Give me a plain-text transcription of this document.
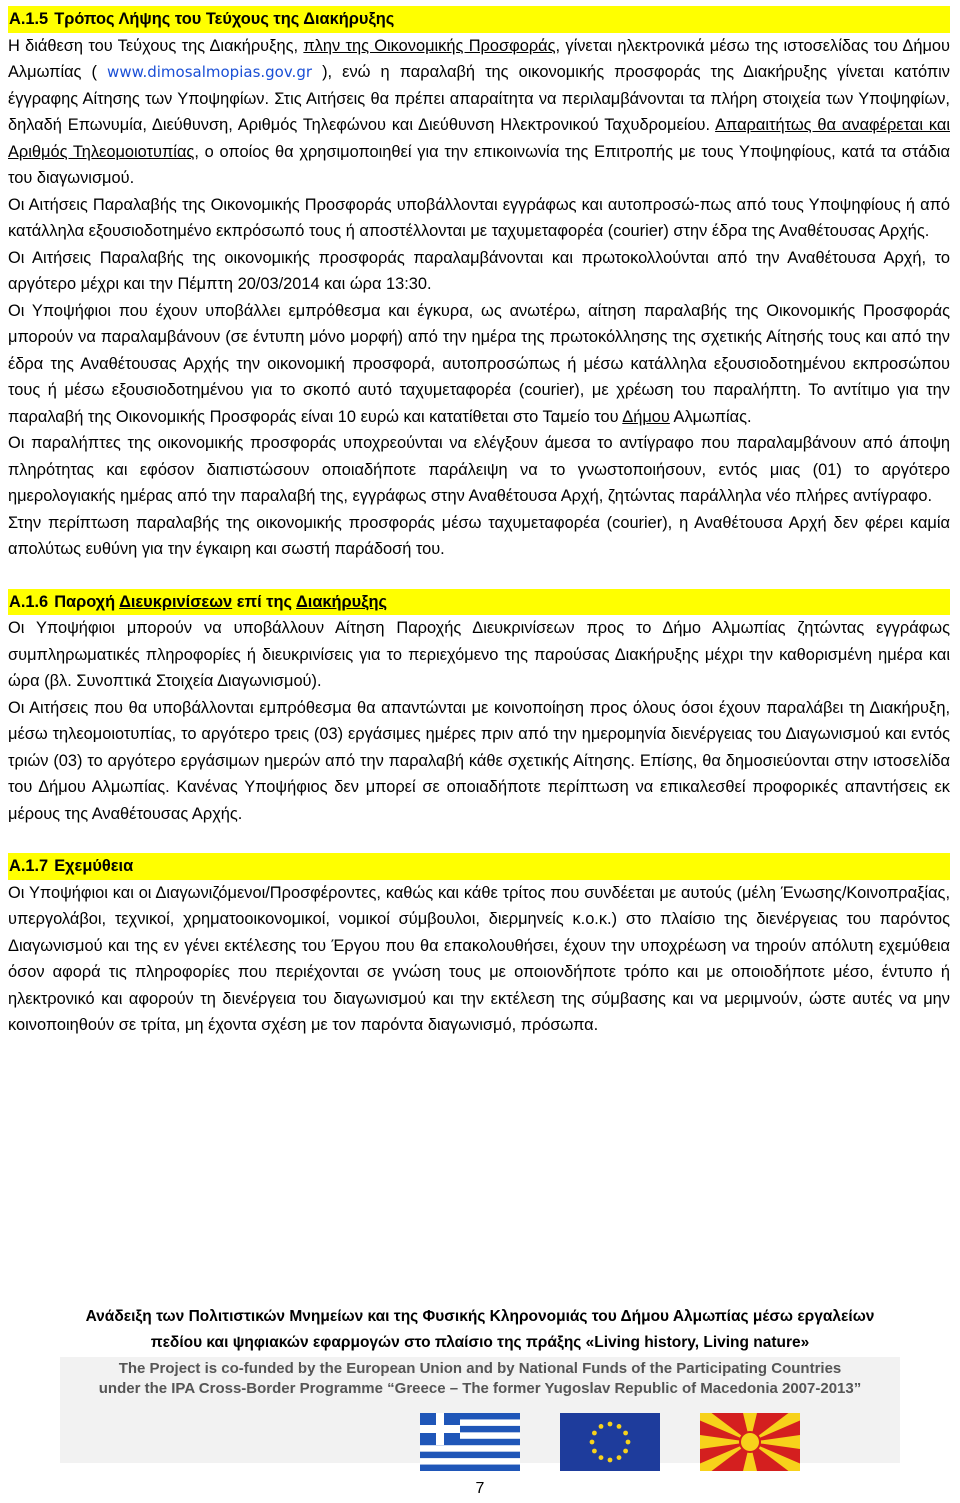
A.1.5 Τρόπος Λήψης του Τεύχους της Διακήρυξης

Η διάθεση του Τεύχους της Διακήρυξης, πλην της Οικονομικής Προσφοράς, γίνεται ηλεκτρονικά μέσω της ιστοσελίδας του Δήμου Αλμωπίας ( www.dimosalmopias.gov.gr ), ενώ η παραλαβή της οικονομικής προσφοράς της Διακήρυξης γίνεται κατόπιν έγγραφης Αίτησης των Υποψηφίων. Στις Αιτήσεις θα πρέπει απαραίτητα να περιλαμβάνονται τα πλήρη στοιχεία των Υποψηφίων, δηλαδή Επωνυμία, Διεύθυνση, Αριθμός Τηλεφώνου και Διεύθυνση Ηλεκτρονικού Ταχυδρομείου. Απαραιτήτως θα αναφέρεται και Αριθμός Τηλεομοιοτυπίας, ο οποίος θα χρησιμοποιηθεί για την επικοινωνία της Επιτροπής με τους Υποψηφίους, κατά τα στάδια του διαγωνισμού.

Οι Αιτήσεις Παραλαβής της Οικονομικής Προσφοράς υποβάλλονται εγγράφως και αυτοπροσώ-πως από τους Υποψηφίους ή από κατάλληλα εξουσιοδοτημένο εκπρόσωπό τους ή αποστέλλονται με ταχυμεταφορέα (courier) στην έδρα της Αναθέτουσας Αρχής.

Οι Αιτήσεις Παραλαβής της οικονομικής προσφοράς παραλαμβάνονται και πρωτοκολλούνται από την Αναθέτουσα Αρχή, το αργότερο μέχρι και την Πέμπτη 20/03/2014 και ώρα 13:30.

Οι Υποψήφιοι που έχουν υποβάλλει εμπρόθεσμα και έγκυρα, ως ανωτέρω, αίτηση παραλαβής της Οικονομικής Προσφοράς μπορούν να παραλαμβάνουν (σε έντυπη μόνο μορφή) από την ημέρα της πρωτοκόλλησης της σχετικής Αίτησής τους και από την έδρα της Αναθέτουσας Αρχής την οικονομική προσφορά, αυτοπροσώπως ή μέσω κατάλληλα εξουσιοδοτημένου εκπροσώπου τους ή μέσω εξουσιοδοτημένου για το σκοπό αυτό ταχυμεταφορέα (courier), με χρέωση του παραλήπτη. Το αντίτιμο για την παραλαβή της Οικονομικής Προσφοράς είναι 10 ευρώ και κατατίθεται στο Ταμείο του Δήμου Αλμωπίας.

Οι παραλήπτες της οικονομικής προσφοράς υποχρεούνται να ελέγξουν άμεσα το αντίγραφο που παραλαμβάνουν από άποψη πληρότητας και εφόσον διαπιστώσουν οποιαδήποτε παράλειψη να το γνωστοποιήσουν, εντός μιας (01) το αργότερο ημερολογιακής ημέρας από την παραλαβή της, εγγράφως στην Αναθέτουσα Αρχή, ζητώντας παράλληλα νέο πλήρες αντίγραφο.

Στην περίπτωση παραλαβής της οικονομικής προσφοράς μέσω ταχυμεταφορέα (courier), η Αναθέτουσα Αρχή δεν φέρει καμία απολύτως ευθύνη για την έγκαιρη και σωστή παράδοσή του.

A.1.6 Παροχή Διευκρινίσεων επί της Διακήρυξης

Οι Υποψήφιοι μπορούν να υποβάλλουν Αίτηση Παροχής Διευκρινίσεων προς το Δήμο Αλμωπίας ζητώντας εγγράφως συμπληρωματικές πληροφορίες ή διευκρινίσεις για το περιεχόμενο της παρούσας Διακήρυξης μέχρι την καθορισμένη ημέρα και ώρα (βλ. Συνοπτικά Στοιχεία Διαγωνισμού).

Οι Αιτήσεις που θα υποβάλλονται εμπρόθεσμα θα απαντώνται με κοινοποίηση προς όλους όσοι έχουν παραλάβει τη Διακήρυξη, μέσω τηλεομοιοτυπίας, το αργότερο τρεις (03) εργάσιμες ημέρες πριν από την ημερομηνία διενέργειας του Διαγωνισμού και εντός τριών (03) το αργότερο εργάσιμων ημερών από την παραλαβή κάθε σχετικής Αίτησης. Επίσης, θα δημοσιεύονται στην ιστοσελίδα του Δήμου Αλμωπίας. Κανένας Υποψήφιος δεν μπορεί σε οποιαδήποτε περίπτωση να επικαλεσθεί προφορικές απαντήσεις εκ μέρους της Αναθέτουσας Αρχής.

A.1.7 Εχεμύθεια

Οι Υποψήφιοι και οι Διαγωνιζόμενοι/Προσφέροντες, καθώς και κάθε τρίτος που συνδέεται με αυτούς (μέλη Ένωσης/Κοινοπραξίας, υπεργολάβοι, τεχνικοί, χρηματοοικονομικοί, νομικοί σύμβουλοι, διερμηνείς κ.ο.κ.) στο πλαίσιο της διενέργειας του παρόντος Διαγωνισμού και της εν γένει εκτέλεσης του Έργου που θα επακολουθήσει, έχουν την υποχρέωση να τηρούν απόλυτη εχεμύθεια όσον αφορά τις πληροφορίες που περιέχονται σε γνώση τους με οποιονδήποτε τρόπο και με οποιοδήποτε μέσο, έντυπο ή ηλεκτρονικό και αφορούν τη διενέργεια του διαγωνισμού και την εκτέλεση της σύμβασης και να μεριμνούν, ώστε αυτές να μην κοινοποιηθούν σε τρίτα, μη έχοντα σχέση με τον παρόντα διαγωνισμό, πρόσωπα.

Ανάδειξη των Πολιτιστικών Μνημείων και της Φυσικής Κληρονομιάς του Δήμου Αλμωπίας μέσω εργαλείων
πεδίου και ψηφιακών εφαρμογών στο πλαίσιο της πράξης «Living history, Living nature»
The Project is co-funded by the European Union and by National Funds of the Participating Countries
under the IPA Cross-Border Programme “Greece – The former Yugoslav Republic of Macedonia 2007-2013”
7
